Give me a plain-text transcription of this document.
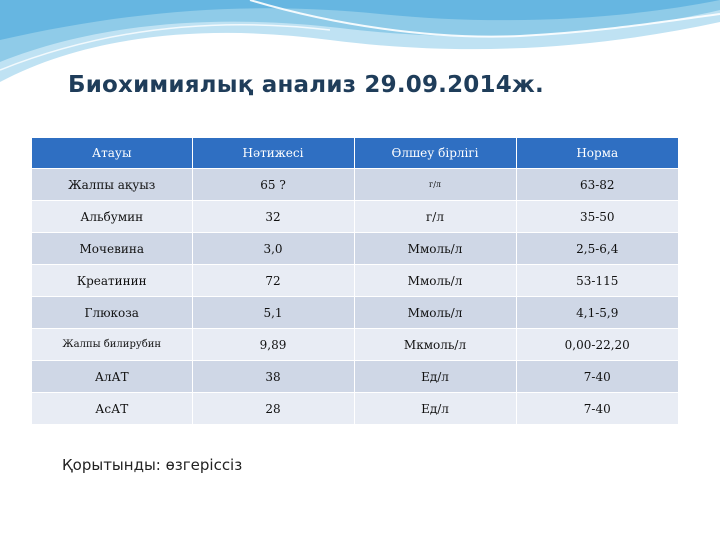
Биохимиялық анализ 29.09.2014ж.
Атауы	Нәтижесі	Өлшеу бірлігі	Норма
Жалпы ақуыз	65 ?	г/л	63-82
Альбумин	32	г/л	35-50
Мочевина	3,0	Ммоль/л	2,5-6,4
Креатинин	72	Ммоль/л	53-115
Глюкоза	5,1	Ммоль/л	4,1-5,9
Жалпы билирубин	9,89	Мкмоль/л	0,00-22,20
АлАТ	38	Ед/л	7-40
АсАТ	28	Ед/л	7-40
Қорытынды: өзгеріссіз
